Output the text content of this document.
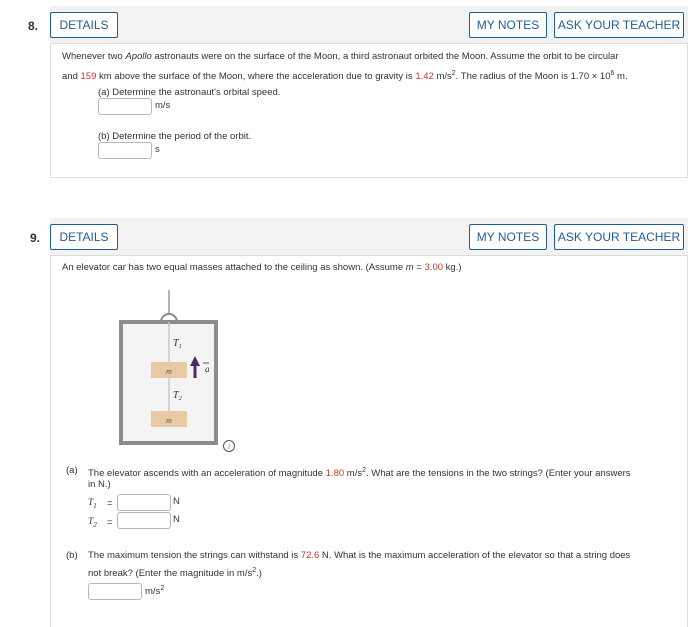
8.	DETAILS	MY NOTES	ASK YOUR TEACHER
Whenever two Apollo astronauts were on the surface of the Moon, a third astronaut orbited the Moon. Assume the orbit to be circular
and 159 km above the surface of the Moon, where the acceleration due to gravity is 1.42 $m/s^2$. The radius of the Moon is $1.70 \times 10^6$ m.
(a) Determine the astronaut's orbital speed.
m/s
(b) Determine the period of the orbit.
s
9.	DETAILS	MY NOTES	ASK YOUR TEACHER
An elevator car has two equal masses attached to the ceiling as shown. (Assume m = 3.00 kg.)
m
m
$T_1$
$T_2$
a
i
(a) The elevator ascends with an acceleration of magnitude 1.80 $m/s^2$. What are the tensions in the two strings? (Enter your answers
in N.)
$T_1$ =	N
$T_2$ =	N
(b) The maximum tension the strings can withstand is 72.6 N. What is the maximum acceleration of the elevator so that a string does
not break? (Enter the magnitude in $m/s^2$.)
$m/s^2$
